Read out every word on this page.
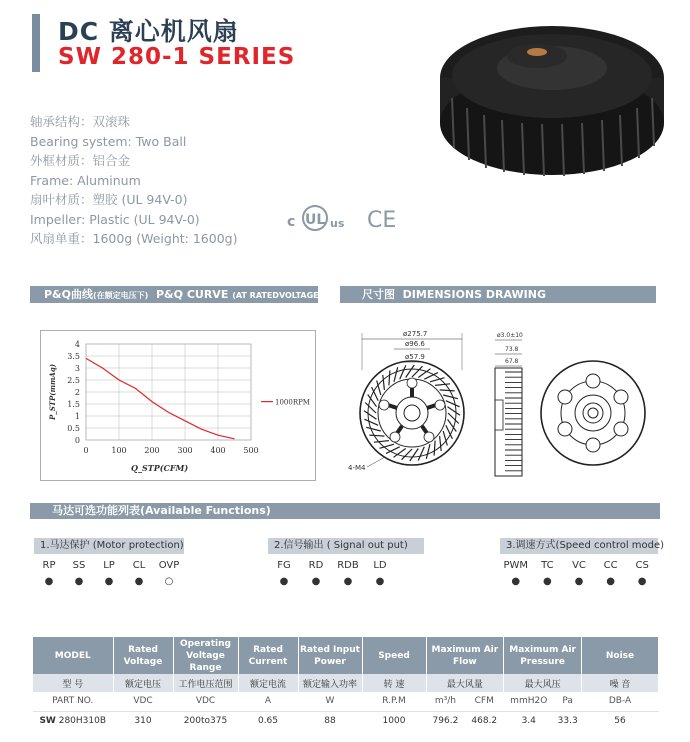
DC 离心机风扇
SW 280-1 SERIES
轴承结构：双滚珠
Bearing system: Two Ball
外框材质：铝合金
Frame: Aluminum
扇叶材质：塑胶 (UL 94V-0)
Impeller: Plastic (UL 94V-0)
风扇单重：1600g (Weight: 1600g)
c UL us CE
P&Q曲线(在额定电压下) P&Q CURVE (AT RATEDVOLTAGE)	尺寸图 DIMENSIONS DRAWING
0	100 200 300 400 500
0
0.5
1
1.5
2
2.5
3
3.5
4
Q_STP(CFM)
P_STP(mmAq)	1000RPM
ø275.7
ø96.6
ø57.9
4-M4
ø3.0±10
73.8
67.8
马达可选功能列表(Available Functions)
1.马达保护 (Motor protection)
RP	SS	LP	CL	OVP
●	●	●	●	○
2.信号输出 ( Signal out put)
FG	RD	RDB	LD
●	●	●	●
3.调速方式(Speed control mode)
PWM	TC	VC	CC	CS
●	●	●	●	●
MODEL	Rated Voltage	Operating Voltage Range	Rated Current	Rated Input Power	Speed	Maximum Air Flow		Maximum Air Pressure		Noise
型 号	额定电压	工作电压范围	额定电流	额定输入功率	转 速	最大风量		最大风压		噪 音
PART NO.	VDC	VDC	A	W	R.P.M	m³/h	CFM	mmH2O	Pa	DB-A
SW 280H310B	310	200to375	0.65	88	1000	796.2	468.2	3.4	33.3	56
